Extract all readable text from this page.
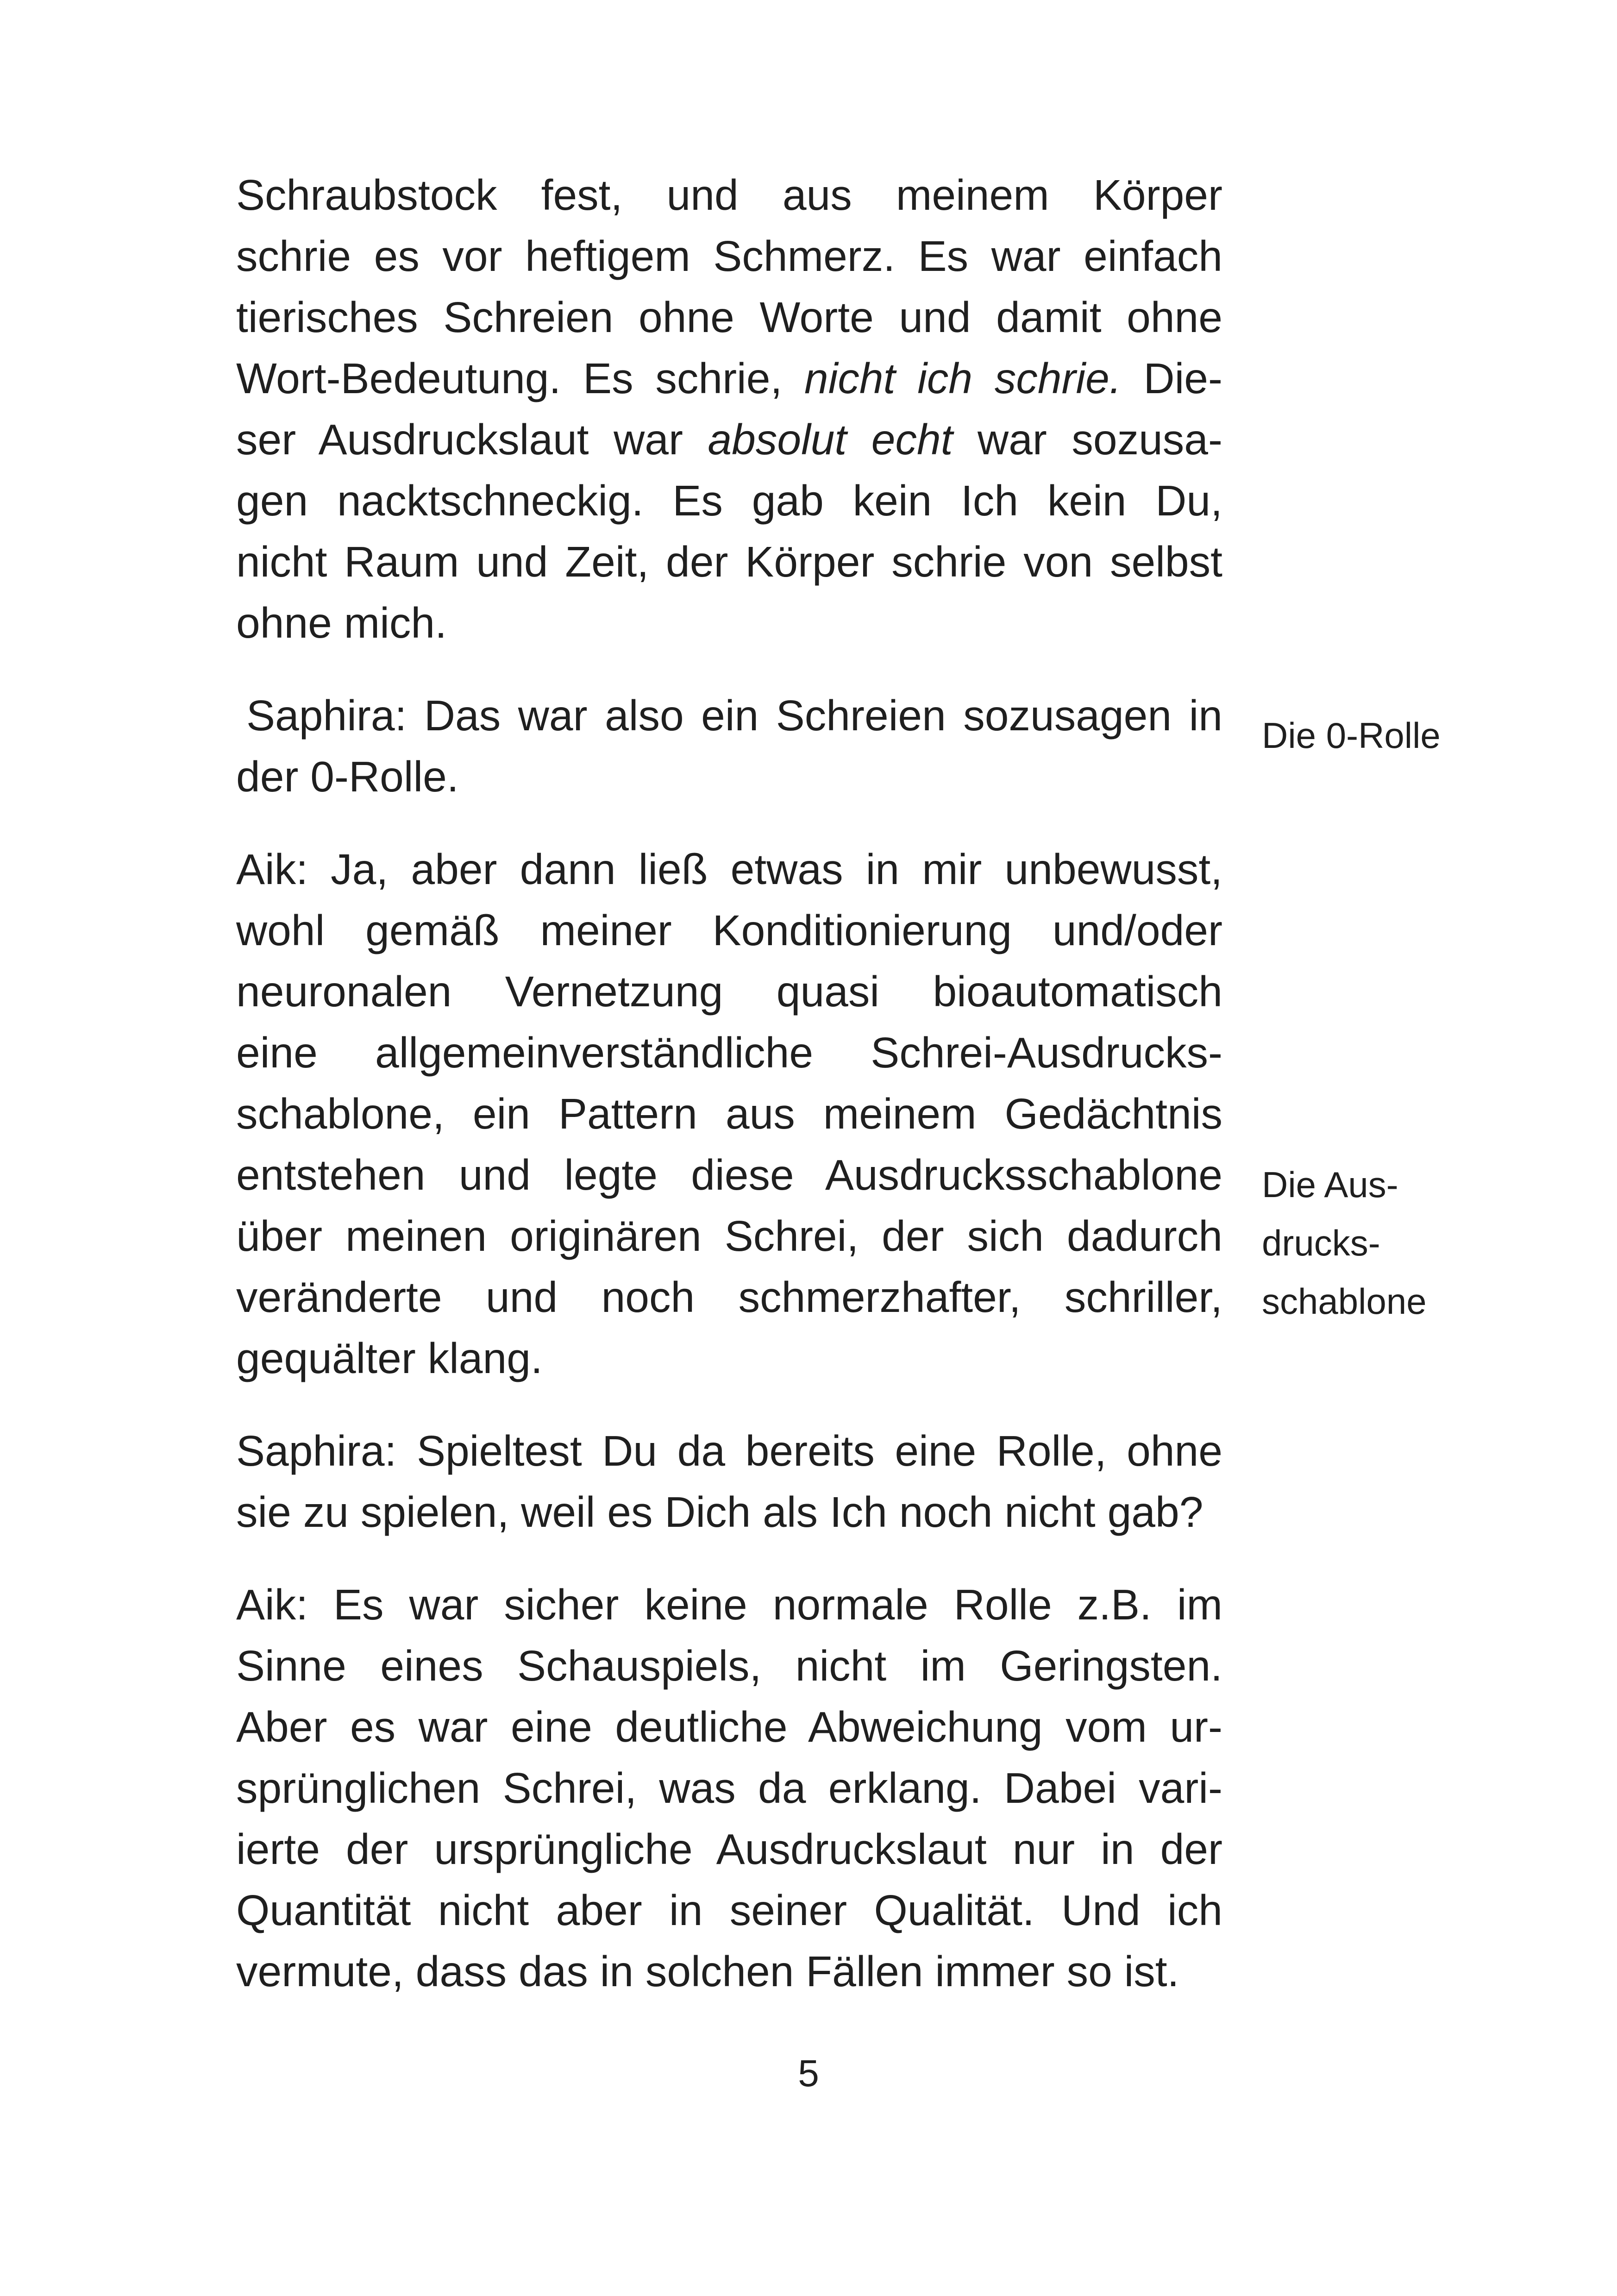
Schraubstock fest, und aus meinem Körper
schrie es vor heftigem Schmerz. Es war einfach
tierisches Schreien ohne Worte und damit ohne
Wort-Bedeutung. Es schrie, nicht ich schrie. Die-
ser Ausdruckslaut war absolut echt war sozusa-
gen nacktschneckig. Es gab kein Ich kein Du,
nicht Raum und Zeit, der Körper schrie von selbst
ohne mich.
Saphira: Das war also ein Schreien sozusagen in
der 0-Rolle.
Aik: Ja, aber dann ließ etwas in mir unbewusst,
wohl gemäß meiner Konditionierung und/oder
neuronalen Vernetzung quasi bioautomatisch
eine allgemeinverständliche Schrei-Ausdrucks-
schablone, ein Pattern aus meinem Gedächtnis
entstehen und legte diese Ausdrucksschablone
über meinen originären Schrei, der sich dadurch
veränderte und noch schmerzhafter, schriller,
gequälter klang.
Saphira: Spieltest Du da bereits eine Rolle, ohne
sie zu spielen, weil es Dich als Ich noch nicht gab?
Aik: Es war sicher keine normale Rolle z.B. im
Sinne eines Schauspiels, nicht im Geringsten.
Aber es war eine deutliche Abweichung vom ur-
sprünglichen Schrei, was da erklang. Dabei vari-
ierte der ursprüngliche Ausdruckslaut nur in der
Quantität nicht aber in seiner Qualität. Und ich
vermute, dass das in solchen Fällen immer so ist.
Die 0-Rolle
Die Aus-
drucks-
schablone
5
